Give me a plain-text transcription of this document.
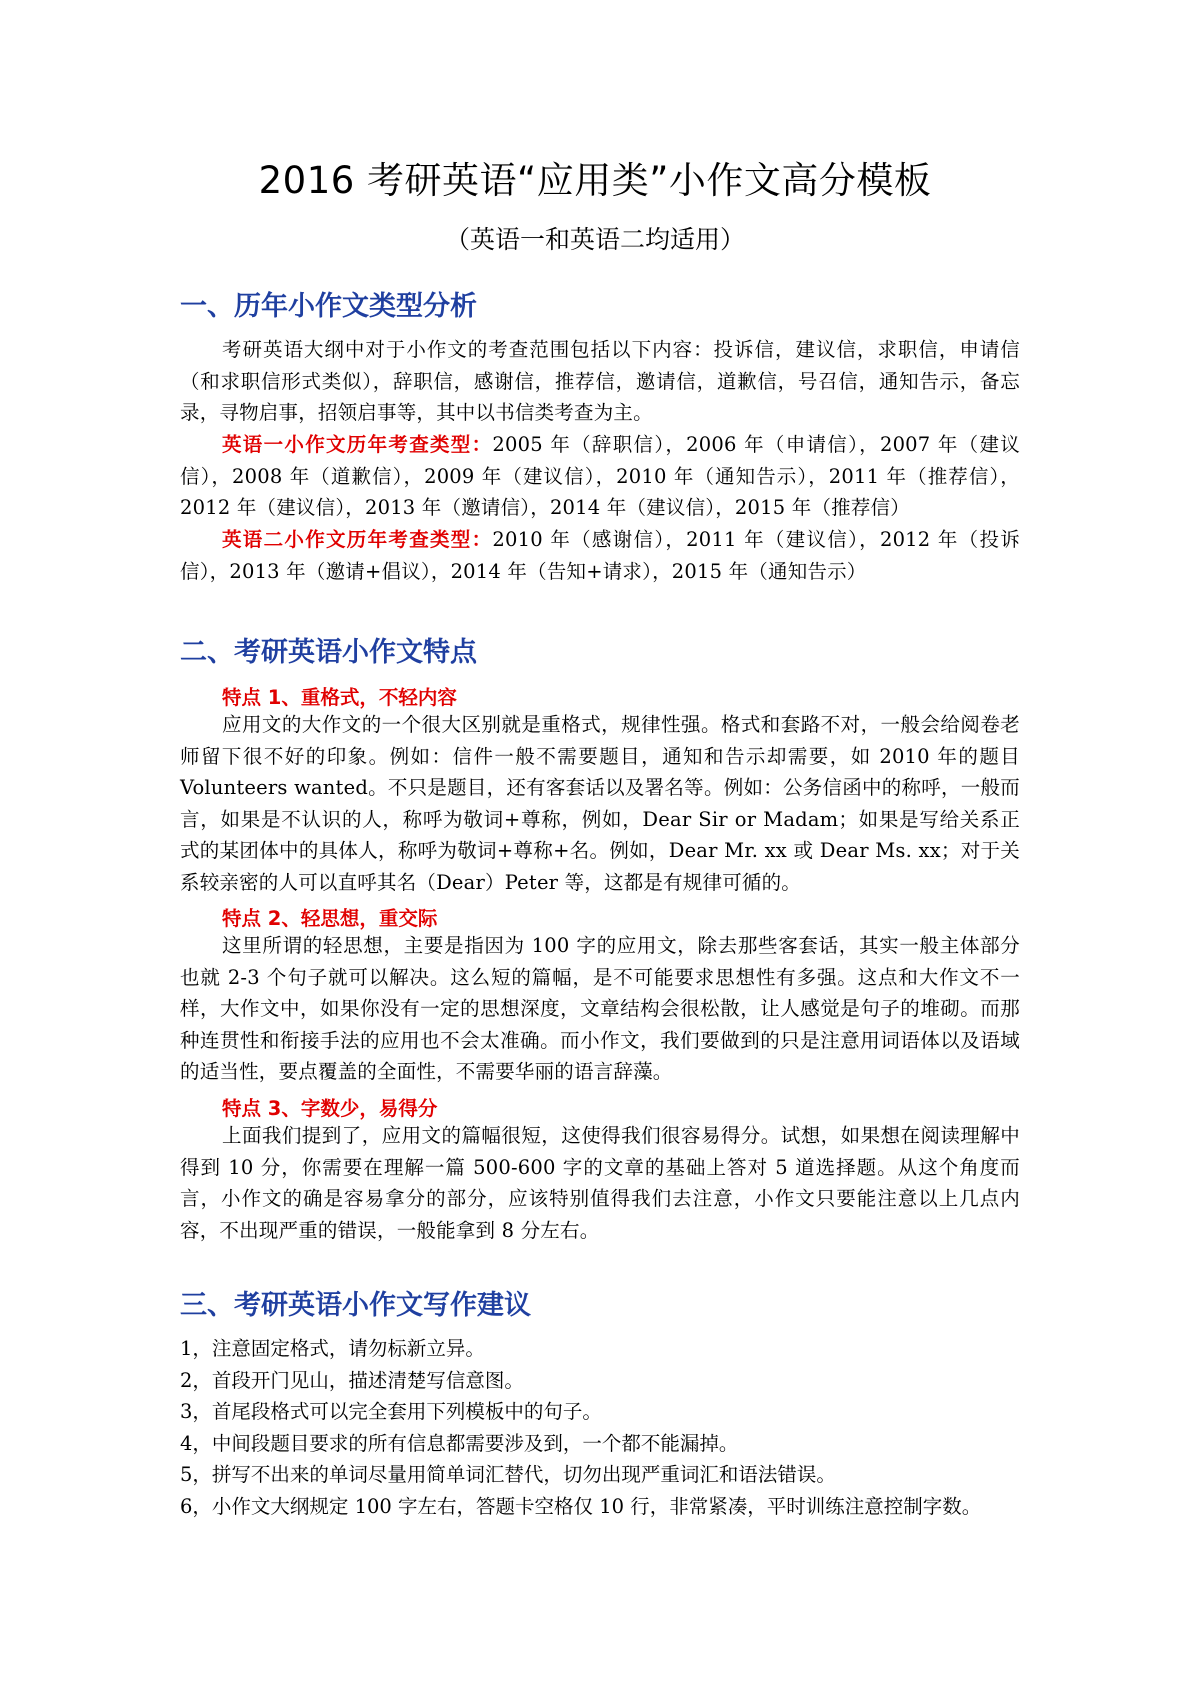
2016 考研英语“应用类”小作文高分模板

（英语一和英语二均适用）

一、历年小作文类型分析

考研英语大纲中对于小作文的考查范围包括以下内容：投诉信，建议信，求职信，申请信（和求职信形式类似），辞职信，感谢信，推荐信，邀请信，道歉信，号召信，通知告示，备忘录，寻物启事，招领启事等，其中以书信类考查为主。

英语一小作文历年考查类型：2005 年（辞职信），2006 年（申请信），2007 年（建议信），2008 年（道歉信），2009 年（建议信），2010 年（通知告示），2011 年（推荐信），2012 年（建议信），2013 年（邀请信），2014 年（建议信），2015 年（推荐信）

英语二小作文历年考查类型：2010 年（感谢信），2011 年（建议信），2012 年（投诉信），2013 年（邀请+倡议），2014 年（告知+请求），2015 年（通知告示）

二、考研英语小作文特点

特点 1、重格式，不轻内容

应用文的大作文的一个很大区别就是重格式，规律性强。格式和套路不对，一般会给阅卷老师留下很不好的印象。例如：信件一般不需要题目，通知和告示却需要，如 2010 年的题目 Volunteers wanted。不只是题目，还有客套话以及署名等。例如：公务信函中的称呼，一般而言，如果是不认识的人，称呼为敬词+尊称，例如，Dear Sir or Madam；如果是写给关系正式的某团体中的具体人，称呼为敬词+尊称+名。例如，Dear Mr. xx 或 Dear Ms. xx；对于关系较亲密的人可以直呼其名（Dear）Peter 等，这都是有规律可循的。

特点 2、轻思想，重交际

这里所谓的轻思想，主要是指因为 100 字的应用文，除去那些客套话，其实一般主体部分也就 2-3 个句子就可以解决。这么短的篇幅，是不可能要求思想性有多强。这点和大作文不一样，大作文中，如果你没有一定的思想深度，文章结构会很松散，让人感觉是句子的堆砌。而那种连贯性和衔接手法的应用也不会太准确。而小作文，我们要做到的只是注意用词语体以及语域的适当性，要点覆盖的全面性，不需要华丽的语言辞藻。

特点 3、字数少，易得分

上面我们提到了，应用文的篇幅很短，这使得我们很容易得分。试想，如果想在阅读理解中得到 10 分，你需要在理解一篇 500-600 字的文章的基础上答对 5 道选择题。从这个角度而言，小作文的确是容易拿分的部分，应该特别值得我们去注意，小作文只要能注意以上几点内容，不出现严重的错误，一般能拿到 8 分左右。

三、考研英语小作文写作建议
1，注意固定格式，请勿标新立异。
2，首段开门见山，描述清楚写信意图。
3，首尾段格式可以完全套用下列模板中的句子。
4，中间段题目要求的所有信息都需要涉及到，一个都不能漏掉。
5，拼写不出来的单词尽量用简单词汇替代，切勿出现严重词汇和语法错误。
6，小作文大纲规定 100 字左右，答题卡空格仅 10 行，非常紧凑，平时训练注意控制字数。
